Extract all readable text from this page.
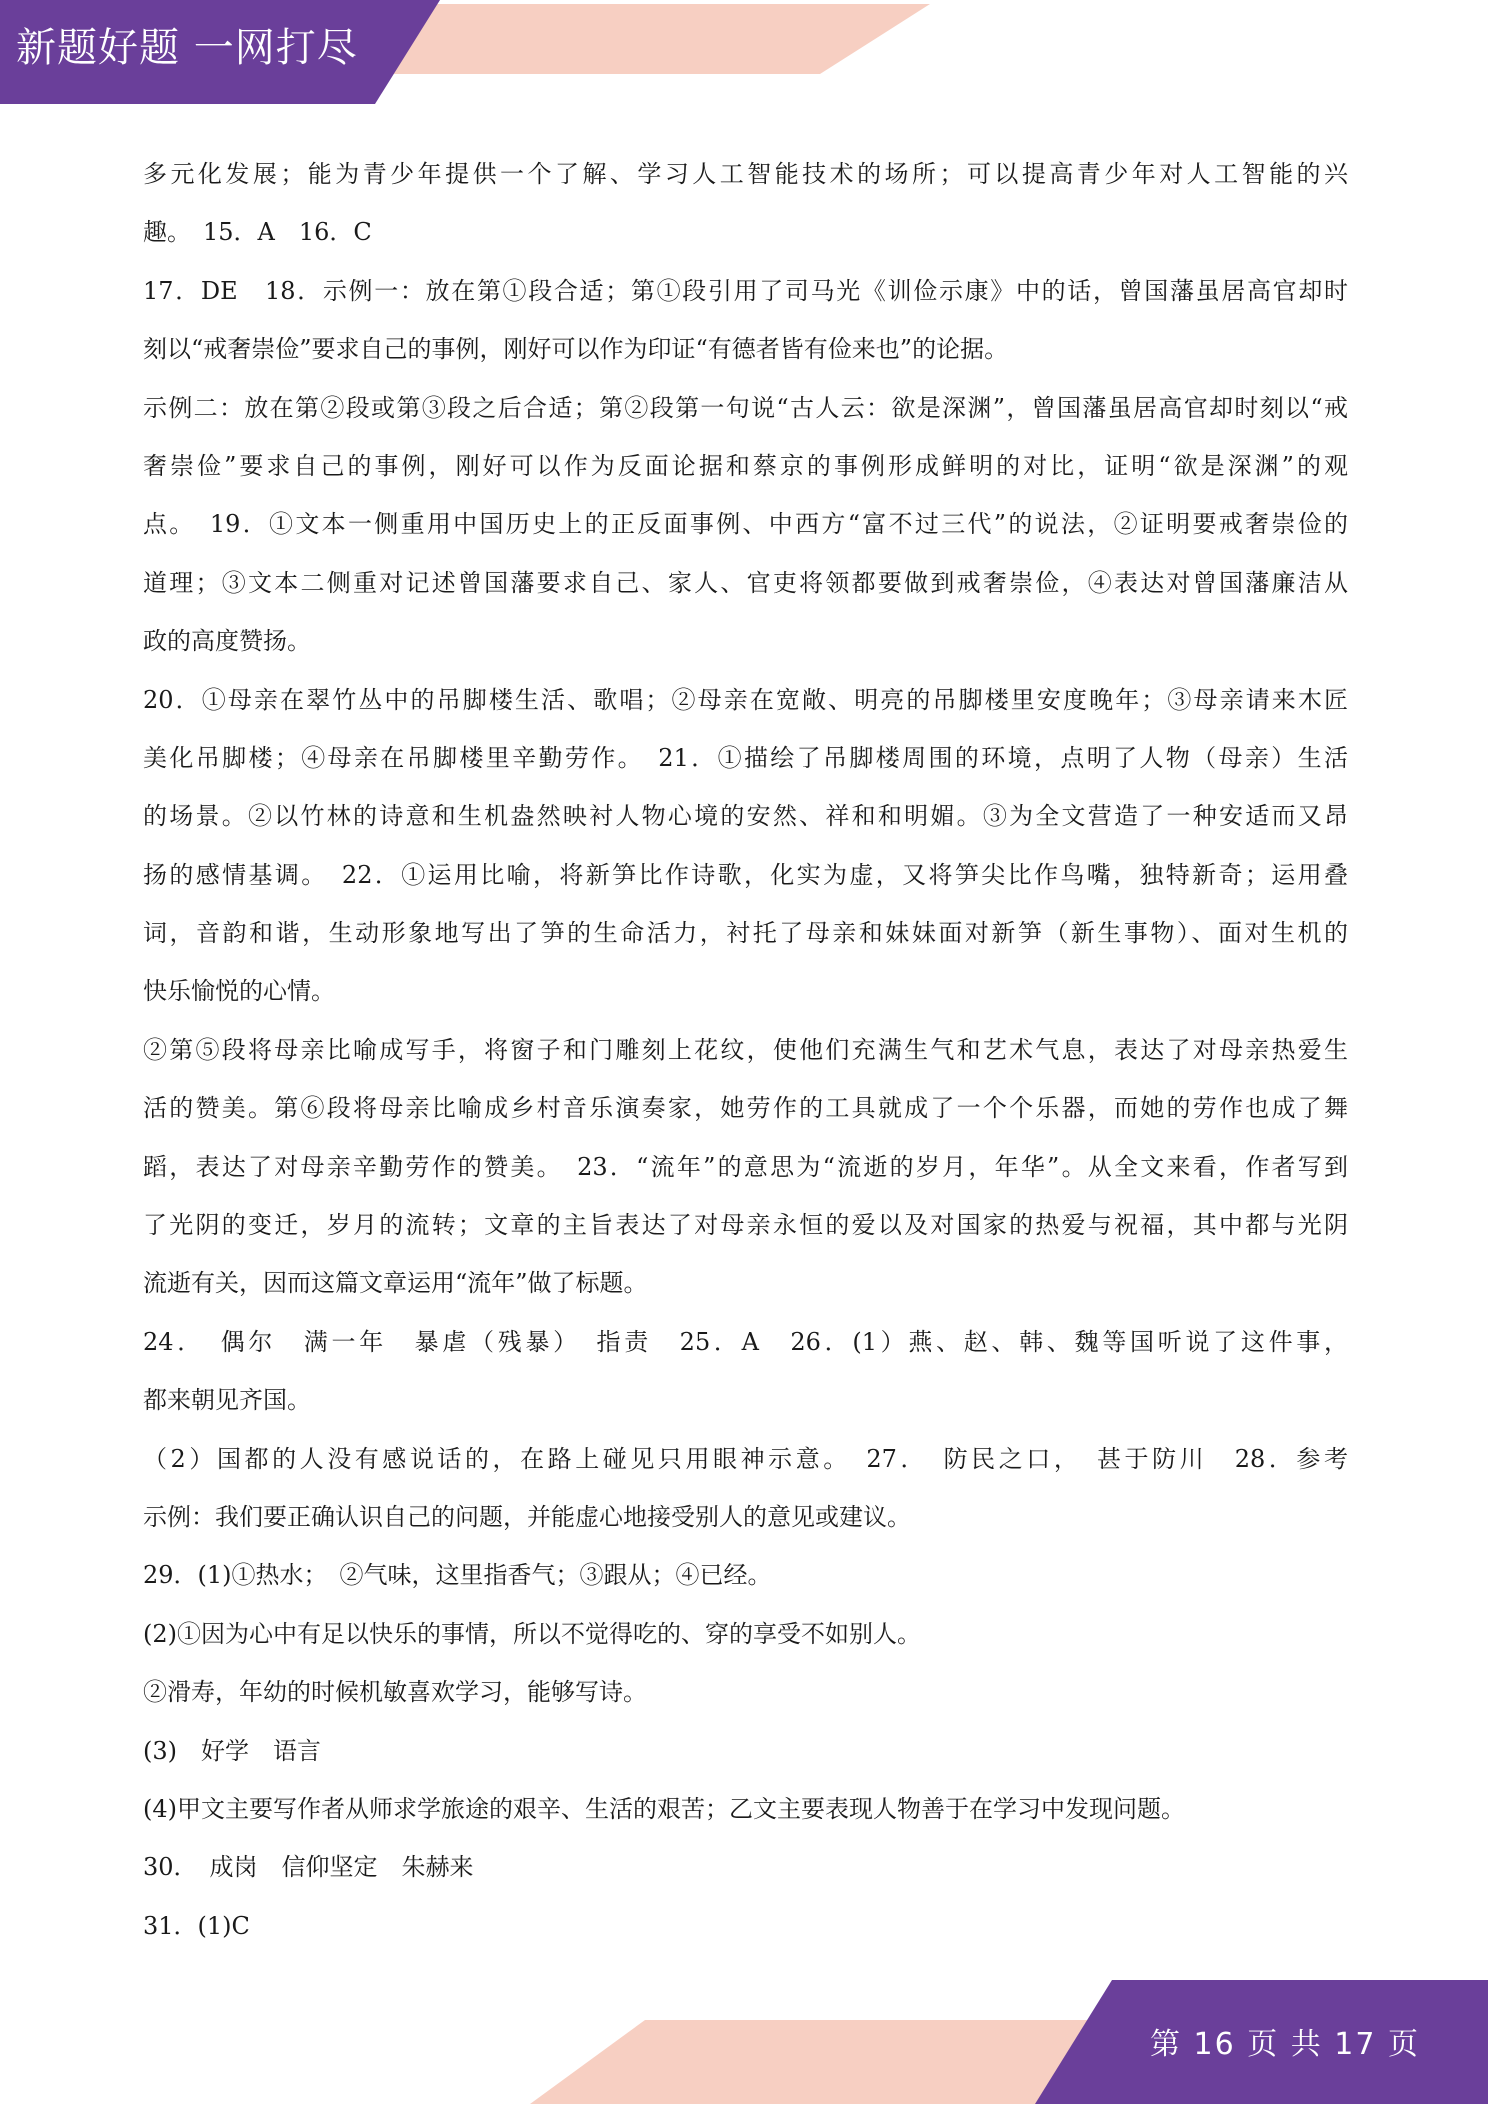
新题好题 一网打尽
多元化发展；能为青少年提供一个了解、学习人工智能技术的场所；可以提高青少年对人工智能的兴
趣。　15．A　16．C
17．DE　18．示例一：放在第①段合适；第①段引用了司马光《训俭示康》中的话，曾国藩虽居高官却时
刻以“戒奢崇俭”要求自己的事例，刚好可以作为印证“有德者皆有俭来也”的论据。
示例二：放在第②段或第③段之后合适；第②段第一句说“古人云：欲是深渊”，曾国藩虽居高官却时刻以“戒
奢崇俭”要求自己的事例，刚好可以作为反面论据和蔡京的事例形成鲜明的对比，证明“欲是深渊”的观
点。　19．①文本一侧重用中国历史上的正反面事例、中西方“富不过三代”的说法，②证明要戒奢崇俭的
道理；③文本二侧重对记述曾国藩要求自己、家人、官吏将领都要做到戒奢崇俭，④表达对曾国藩廉洁从
政的高度赞扬。
20．①母亲在翠竹丛中的吊脚楼生活、歌唱；②母亲在宽敞、明亮的吊脚楼里安度晚年；③母亲请来木匠
美化吊脚楼；④母亲在吊脚楼里辛勤劳作。　21．①描绘了吊脚楼周围的环境，点明了人物（母亲）生活
的场景。②以竹林的诗意和生机盎然映衬人物心境的安然、祥和和明媚。③为全文营造了一种安适而又昂
扬的感情基调。　22．①运用比喻，将新笋比作诗歌，化实为虚，又将笋尖比作鸟嘴，独特新奇；运用叠
词，音韵和谐，生动形象地写出了笋的生命活力，衬托了母亲和妹妹面对新笋（新生事物）、面对生机的
快乐愉悦的心情。
②第⑤段将母亲比喻成写手，将窗子和门雕刻上花纹，使他们充满生气和艺术气息，表达了对母亲热爱生
活的赞美。第⑥段将母亲比喻成乡村音乐演奏家，她劳作的工具就成了一个个乐器，而她的劳作也成了舞
蹈，表达了对母亲辛勤劳作的赞美。　23．“流年”的意思为“流逝的岁月，年华”。从全文来看，作者写到
了光阴的变迁，岁月的流转；文章的主旨表达了对母亲永恒的爱以及对国家的热爱与祝福，其中都与光阴
流逝有关，因而这篇文章运用“流年”做了标题。
24．　偶尔　满一年　暴虐（残暴）　指责　25．A　26．(1）燕、赵、韩、魏等国听说了这件事，
都来朝见齐国。
（2）国都的人没有感说话的，在路上碰见只用眼神示意。　27．　防民之口，　甚于防川　28．参考
示例：我们要正确认识自己的问题，并能虚心地接受别人的意见或建议。
29．(1)①热水；　②气味，这里指香气；③跟从；④已经。
(2)①因为心中有足以快乐的事情，所以不觉得吃的、穿的享受不如别人。
②滑寿，年幼的时候机敏喜欢学习，能够写诗。
(3)　好学　语言
(4)甲文主要写作者从师求学旅途的艰辛、生活的艰苦；乙文主要表现人物善于在学习中发现问题。
30．　成岗　信仰坚定　朱赫来
31．(1)C
第 16 页 共 17 页
